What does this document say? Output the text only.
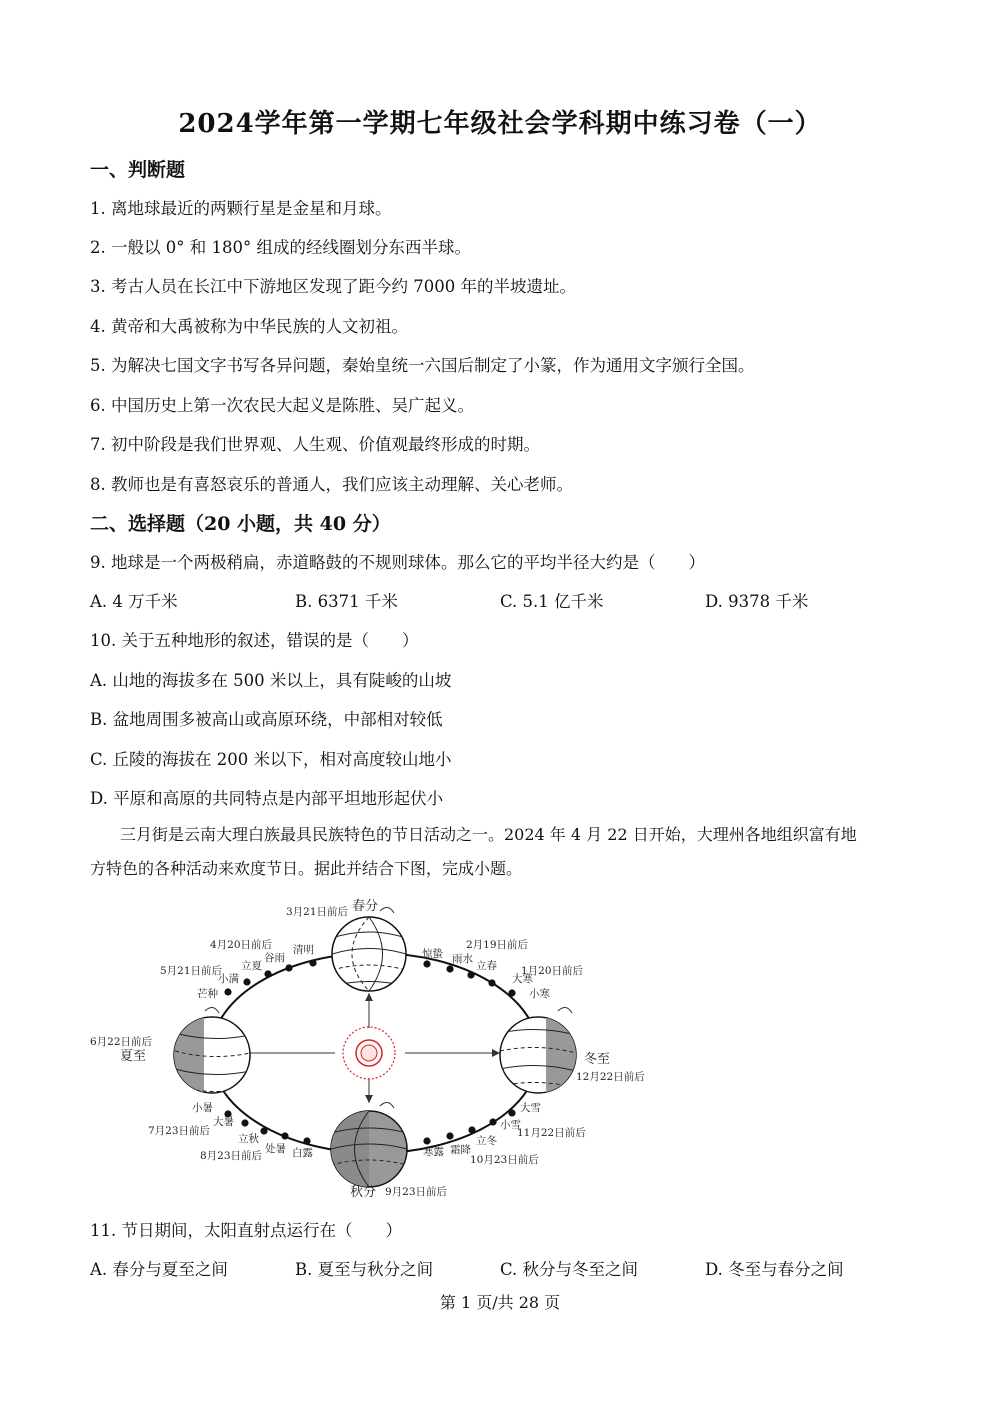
2024学年第一学期七年级社会学科期中练习卷（一）
一、判断题
1. 离地球最近的两颗行星是金星和月球。
2. 一般以 0° 和 180° 组成的经线圈划分东西半球。
3. 考古人员在长江中下游地区发现了距今约 7000 年的半坡遗址。
4. 黄帝和大禹被称为中华民族的人文初祖。
5. 为解决七国文字书写各异问题，秦始皇统一六国后制定了小篆，作为通用文字颁行全国。
6. 中国历史上第一次农民大起义是陈胜、吴广起义。
7. 初中阶段是我们世界观、人生观、价值观最终形成的时期。
8. 教师也是有喜怒哀乐的普通人，我们应该主动理解、关心老师。
二、选择题（20 小题，共 40 分）
9. 地球是一个两极稍扁，赤道略鼓的不规则球体。那么它的平均半径大约是（　　）
A. 4 万千米	B. 6371 千米	C. 5.1 亿千米	D. 9378 千米
10. 关于五种地形的叙述，错误的是（　　）
A. 山地的海拔多在 500 米以上，具有陡峻的山坡
B. 盆地周围多被高山或高原环绕，中部相对较低
C. 丘陵的海拔在 200 米以下，相对高度较山地小
D. 平原和高原的共同特点是内部平坦地形起伏小
三月街是云南大理白族最具民族特色的节日活动之一。2024 年 4 月 22 日开始，大理州各地组织富有地
方特色的各种活动来欢度节日。据此并结合下图，完成小题。
3月21日前后 春分
4月20日前后 清明
谷雨
立夏
5月21日前后
小满
芒种
6月22日前后
夏至
小暑
大暑
7月23日前后
立秋
处暑 白露
8月23日前后
秋分 9月23日前后
寒露 霜降
立冬
10月23日前后
小雪
11月22日前后
大雪
冬至
12月22日前后
小寒
大寒
1月20日前后
立春
2月19日前后
雨水
惊蛰
11. 节日期间，太阳直射点运行在（　　）
A. 春分与夏至之间	B. 夏至与秋分之间	C. 秋分与冬至之间	D. 冬至与春分之间
第 1 页/共 28 页
